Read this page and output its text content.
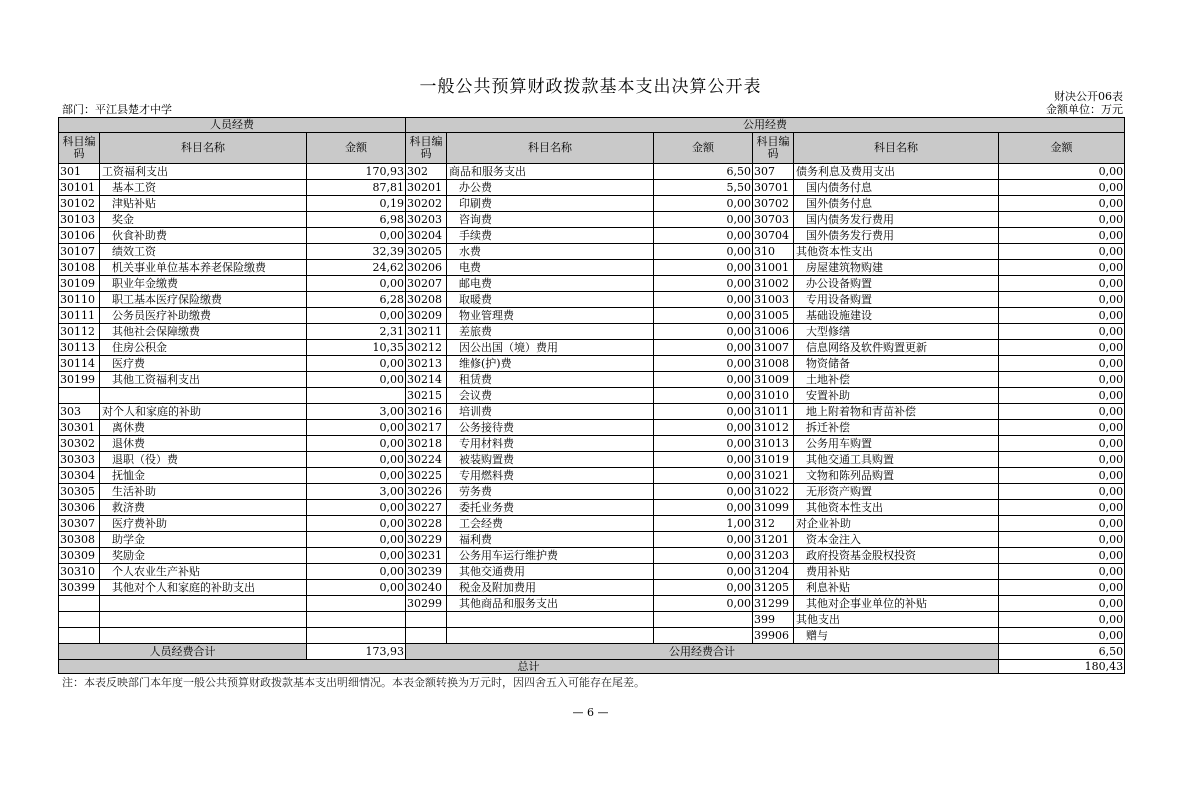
一般公共预算财政拨款基本支出决算公开表	财决公开06表
部门：平江县楚才中学	金额单位：万元
人员经费			公用经费					
科目编码	科目名称	金额	科目编码	科目名称	金额	科目编码	科目名称	金额
301	工资福利支出	170,93	302	商品和服务支出	6,50	307	债务利息及费用支出	0,00
30101	基本工资	87,81	30201	办公费	5,50	30701	国内债务付息	0,00
30102	津贴补贴	0,19	30202	印刷费	0,00	30702	国外债务付息	0,00
30103	奖金	6,98	30203	咨询费	0,00	30703	国内债务发行费用	0,00
30106	伙食补助费	0,00	30204	手续费	0,00	30704	国外债务发行费用	0,00
30107	绩效工资	32,39	30205	水费	0,00	310	其他资本性支出	0,00
30108	机关事业单位基本养老保险缴费	24,62	30206	电费	0,00	31001	房屋建筑物购建	0,00
30109	职业年金缴费	0,00	30207	邮电费	0,00	31002	办公设备购置	0,00
30110	职工基本医疗保险缴费	6,28	30208	取暖费	0,00	31003	专用设备购置	0,00
30111	公务员医疗补助缴费	0,00	30209	物业管理费	0,00	31005	基础设施建设	0,00
30112	其他社会保障缴费	2,31	30211	差旅费	0,00	31006	大型修缮	0,00
30113	住房公积金	10,35	30212	因公出国（境）费用	0,00	31007	信息网络及软件购置更新	0,00
30114	医疗费	0,00	30213	维修(护)费	0,00	31008	物资储备	0,00
30199	其他工资福利支出	0,00	30214	租赁费	0,00	31009	土地补偿	0,00
			30215	会议费	0,00	31010	安置补助	0,00
303	对个人和家庭的补助	3,00	30216	培训费	0,00	31011	地上附着物和青苗补偿	0,00
30301	离休费	0,00	30217	公务接待费	0,00	31012	拆迁补偿	0,00
30302	退休费	0,00	30218	专用材料费	0,00	31013	公务用车购置	0,00
30303	退职（役）费	0,00	30224	被装购置费	0,00	31019	其他交通工具购置	0,00
30304	抚恤金	0,00	30225	专用燃料费	0,00	31021	文物和陈列品购置	0,00
30305	生活补助	3,00	30226	劳务费	0,00	31022	无形资产购置	0,00
30306	救济费	0,00	30227	委托业务费	0,00	31099	其他资本性支出	0,00
30307	医疗费补助	0,00	30228	工会经费	1,00	312	对企业补助	0,00
30308	助学金	0,00	30229	福利费	0,00	31201	资本金注入	0,00
30309	奖励金	0,00	30231	公务用车运行维护费	0,00	31203	政府投资基金股权投资	0,00
30310	个人农业生产补贴	0,00	30239	其他交通费用	0,00	31204	费用补贴	0,00
30399	其他对个人和家庭的补助支出	0,00	30240	税金及附加费用	0,00	31205	利息补贴	0,00
			30299	其他商品和服务支出	0,00	31299	其他对企事业单位的补贴	0,00
						399	其他支出	0,00
						39906	赠与	0,00
人员经费合计		173,93	公用经费合计					6,50
总计								180,43
注：本表反映部门本年度一般公共预算财政拨款基本支出明细情况。本表金额转换为万元时，因四舍五入可能存在尾差。
— 6 —
